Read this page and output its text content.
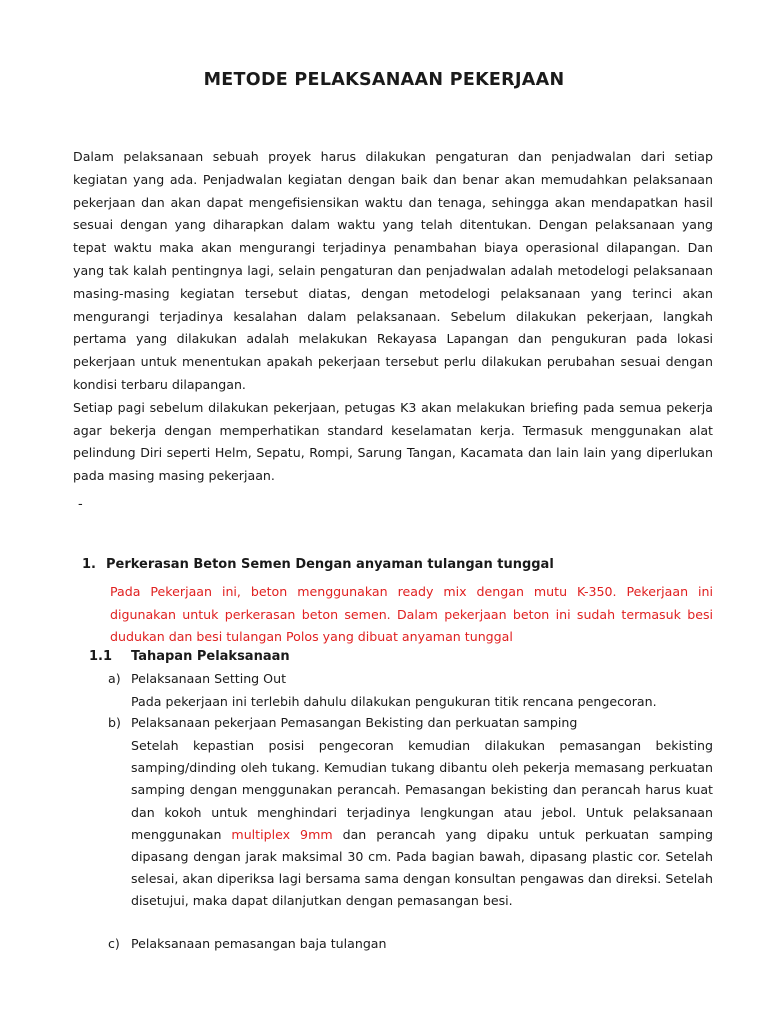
METODE PELAKSANAAN PEKERJAAN

Dalam pelaksanaan sebuah proyek harus dilakukan pengaturan dan penjadwalan dari setiap kegiatan yang ada. Penjadwalan kegiatan dengan baik dan benar akan memudahkan pelaksanaan pekerjaan dan akan dapat mengefisiensikan waktu dan tenaga, sehingga akan mendapatkan hasil sesuai dengan yang diharapkan dalam waktu yang telah ditentukan. Dengan pelaksanaan yang tepat waktu maka akan mengurangi terjadinya penambahan biaya operasional dilapangan. Dan yang tak kalah pentingnya lagi, selain pengaturan dan penjadwalan adalah metodelogi pelaksanaan masing-masing kegiatan tersebut diatas, dengan metodelogi pelaksanaan yang terinci akan mengurangi terjadinya kesalahan dalam pelaksanaan. Sebelum dilakukan pekerjaan, langkah pertama yang dilakukan adalah melakukan Rekayasa Lapangan dan pengukuran pada lokasi pekerjaan untuk menentukan apakah pekerjaan tersebut perlu dilakukan perubahan sesuai dengan kondisi terbaru dilapangan.

Setiap pagi sebelum dilakukan pekerjaan, petugas K3 akan melakukan briefing pada semua pekerja agar bekerja dengan memperhatikan standard keselamatan kerja. Termasuk menggunakan alat pelindung Diri seperti Helm, Sepatu, Rompi, Sarung Tangan, Kacamata dan lain lain yang diperlukan pada masing masing pekerjaan.

-
1. Perkerasan Beton Semen Dengan anyaman tulangan tunggal
Pada Pekerjaan ini, beton menggunakan ready mix dengan mutu K-350. Pekerjaan ini digunakan untuk perkerasan beton semen. Dalam pekerjaan beton ini sudah termasuk besi dudukan dan besi tulangan Polos yang dibuat anyaman tunggal
1.1 Tahapan Pelaksanaan
a) Pelaksanaan Setting Out
Pada pekerjaan ini terlebih dahulu dilakukan pengukuran titik rencana pengecoran.
b) Pelaksanaan pekerjaan Pemasangan Bekisting dan perkuatan samping
Setelah kepastian posisi pengecoran kemudian dilakukan pemasangan bekisting samping/dinding oleh tukang. Kemudian tukang dibantu oleh pekerja memasang perkuatan samping dengan menggunakan perancah. Pemasangan bekisting dan perancah harus kuat dan kokoh untuk menghindari terjadinya lengkungan atau jebol. Untuk pelaksanaan menggunakan multiplex 9mm dan perancah yang dipaku untuk perkuatan samping dipasang dengan jarak maksimal 30 cm. Pada bagian bawah, dipasang plastic cor. Setelah selesai, akan diperiksa lagi bersama sama dengan konsultan pengawas dan direksi. Setelah disetujui, maka dapat dilanjutkan dengan pemasangan besi.
c) Pelaksanaan pemasangan baja tulangan
